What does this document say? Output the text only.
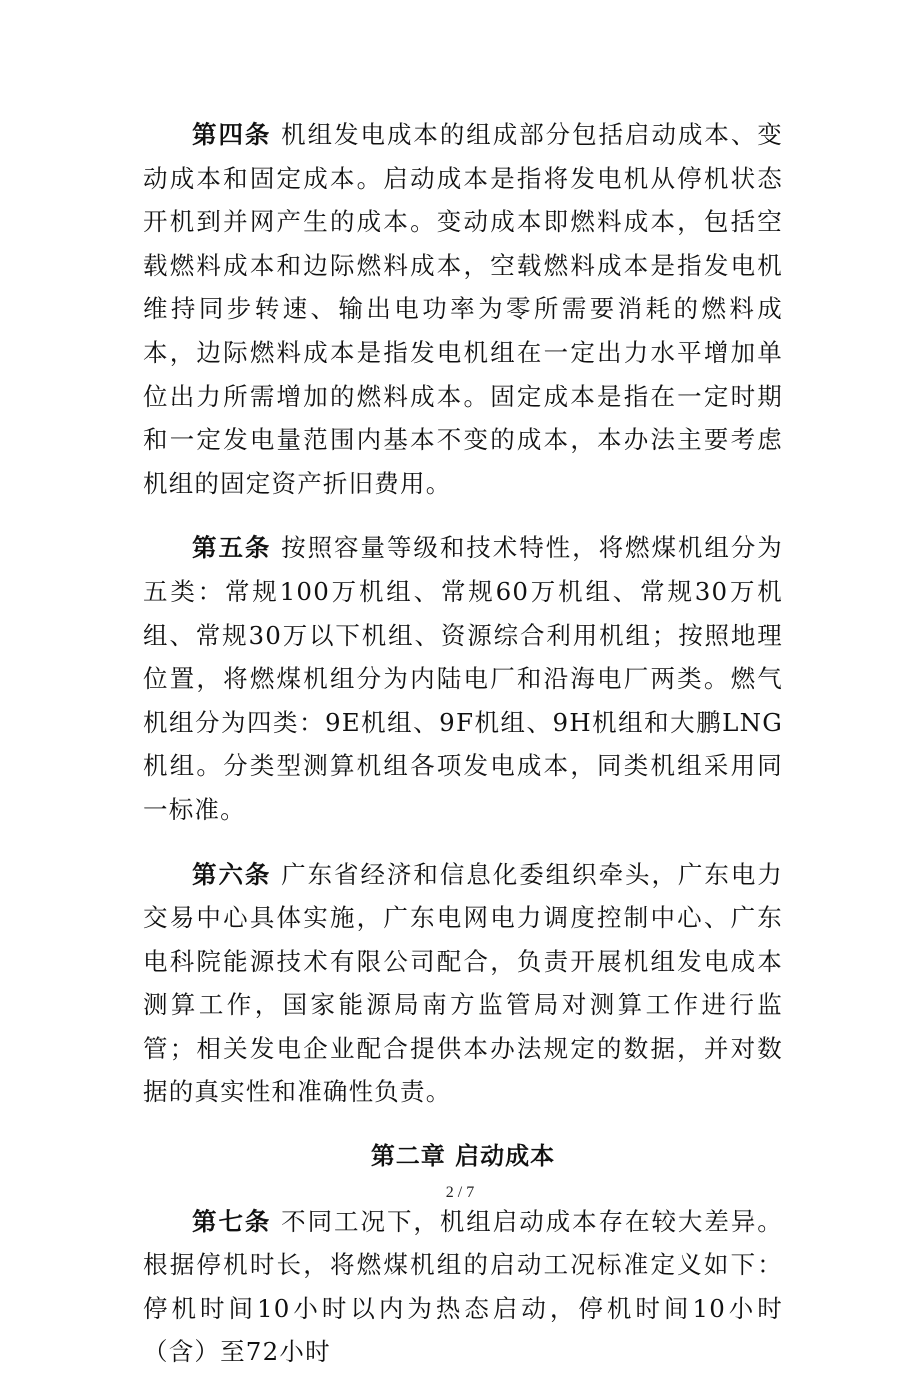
第四条 机组发电成本的组成部分包括启动成本、变动成本和固定成本。启动成本是指将发电机从停机状态开机到并网产生的成本。变动成本即燃料成本，包括空载燃料成本和边际燃料成本，空载燃料成本是指发电机维持同步转速、输出电功率为零所需要消耗的燃料成本，边际燃料成本是指发电机组在一定出力水平增加单位出力所需增加的燃料成本。固定成本是指在一定时期和一定发电量范围内基本不变的成本，本办法主要考虑机组的固定资产折旧费用。

第五条 按照容量等级和技术特性，将燃煤机组分为五类：常规100万机组、常规60万机组、常规30万机组、常规30万以下机组、资源综合利用机组；按照地理位置，将燃煤机组分为内陆电厂和沿海电厂两类。燃气机组分为四类：9E机组、9F机组、9H机组和大鹏LNG机组。分类型测算机组各项发电成本，同类机组采用同一标准。

第六条 广东省经济和信息化委组织牵头，广东电力交易中心具体实施，广东电网电力调度控制中心、广东电科院能源技术有限公司配合，负责开展机组发电成本测算工作，国家能源局南方监管局对测算工作进行监管；相关发电企业配合提供本办法规定的数据，并对数据的真实性和准确性负责。

第二章 启动成本

第七条 不同工况下，机组启动成本存在较大差异。根据停机时长，将燃煤机组的启动工况标准定义如下：停机时间10小时以内为热态启动，停机时间10小时（含）至72小时

2 / 7
